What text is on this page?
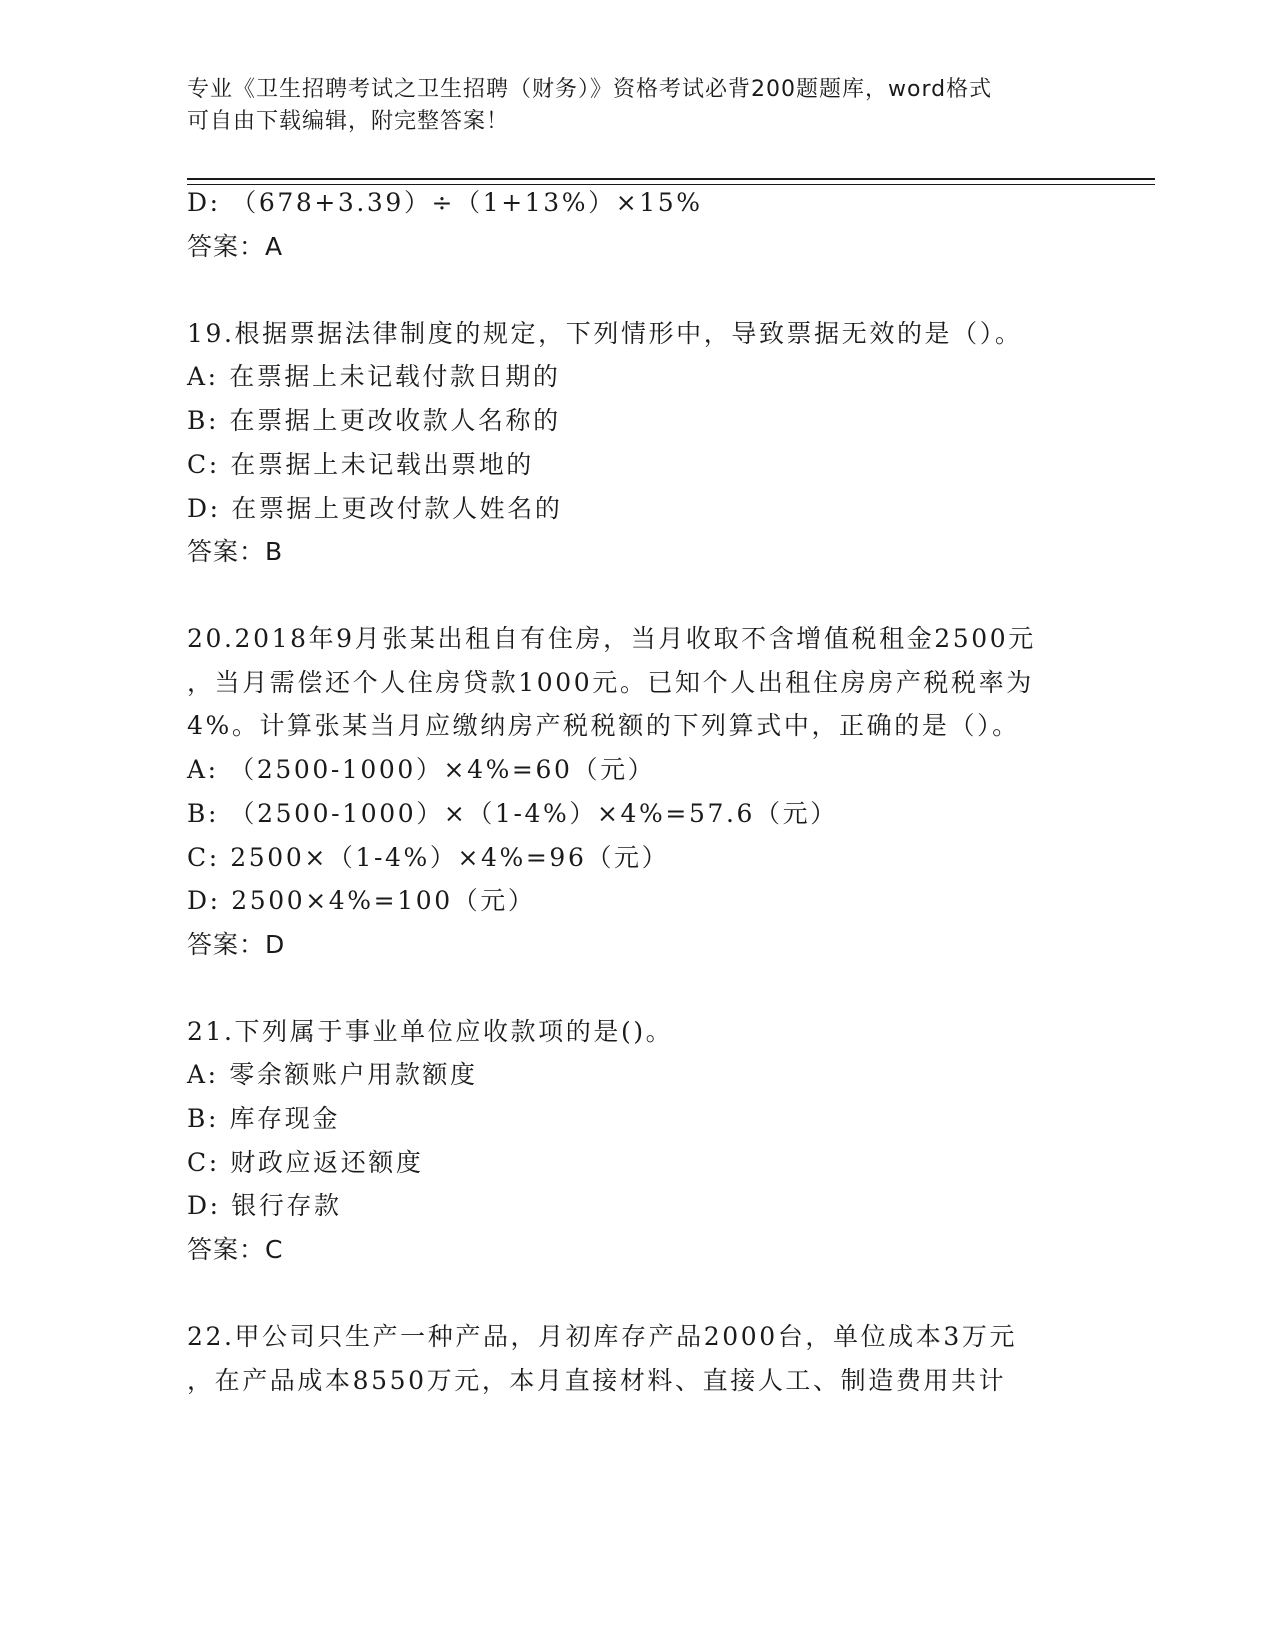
专业《卫生招聘考试之卫生招聘（财务）》资格考试必背200题题库，word格式
可自由下载编辑，附完整答案！
D: （678+3.39）÷（1+13%）×15%
答案：A
19.根据票据法律制度的规定，下列情形中，导致票据无效的是（）。
A: 在票据上未记载付款日期的
B: 在票据上更改收款人名称的
C: 在票据上未记载出票地的
D: 在票据上更改付款人姓名的
答案：B
20.2018年9月张某出租自有住房，当月收取不含增值税租金2500元
，当月需偿还个人住房贷款1000元。已知个人出租住房房产税税率为
4%。计算张某当月应缴纳房产税税额的下列算式中，正确的是（）。
A: （2500-1000）×4%=60（元）
B: （2500-1000）×（1-4%）×4%=57.6（元）
C: 2500×（1-4%）×4%=96（元）
D: 2500×4%=100（元）
答案：D
21.下列属于事业单位应收款项的是()。
A: 零余额账户用款额度
B: 库存现金
C: 财政应返还额度
D: 银行存款
答案：C
22.甲公司只生产一种产品，月初库存产品2000台，单位成本3万元
，在产品成本8550万元，本月直接材料、直接人工、制造费用共计
